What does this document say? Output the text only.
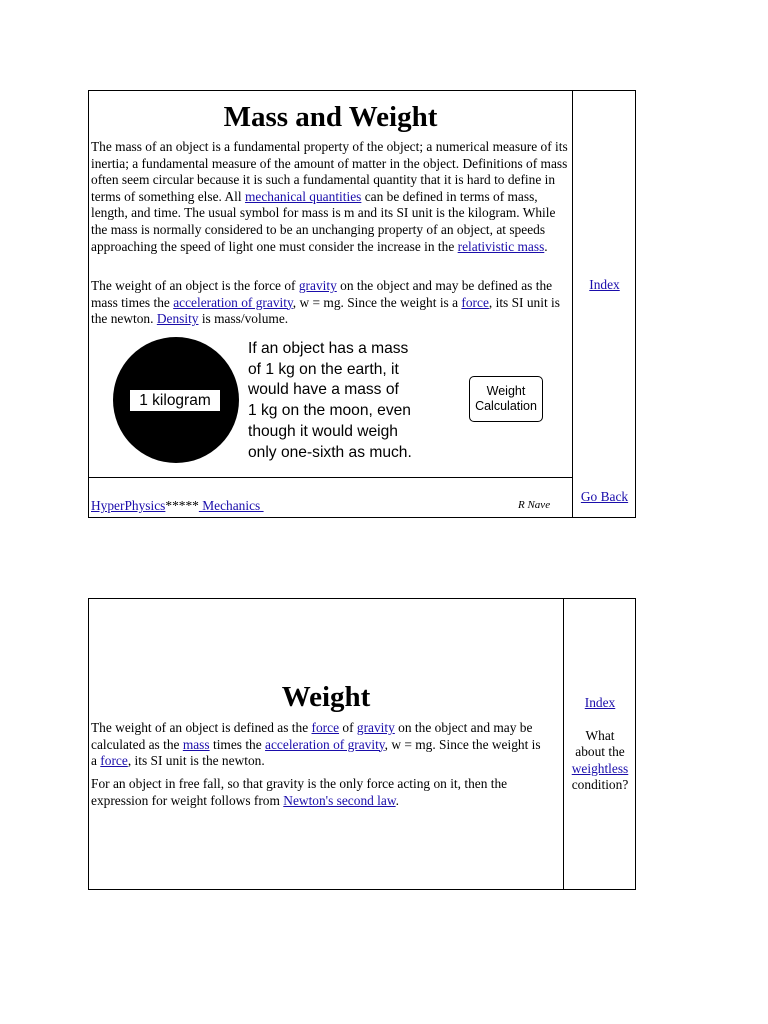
Mass and Weight

The mass of an object is a fundamental property of the object; a numerical measure of its inertia; a fundamental measure of the amount of matter in the object. Definitions of mass often seem circular because it is such a fundamental quantity that it is hard to define in terms of something else. All mechanical quantities can be defined in terms of mass, length, and time. The usual symbol for mass is m and its SI unit is the kilogram. While the mass is normally considered to be an unchanging property of an object, at speeds approaching the speed of light one must consider the increase in the relativistic mass.

The weight of an object is the force of gravity on the object and may be defined as the mass times the acceleration of gravity, w = mg. Since the weight is a force, its SI unit is the newton. Density is mass/volume.

1 kilogram
If an object has a mass
of 1 kg on the earth, it
would have a mass of
1 kg on the moon, even
though it would weigh
only one-sixth as much.
Weight
Calculation
Index
HyperPhysics***** Mechanics	R Nave
Go Back
Weight

The weight of an object is defined as the force of gravity on the object and may be calculated as the mass times the acceleration of gravity, w = mg. Since the weight is a force, its SI unit is the newton.

For an object in free fall, so that gravity is the only force acting on it, then the expression for weight follows from Newton's second law.

Index
What
about the
weightless
condition?
